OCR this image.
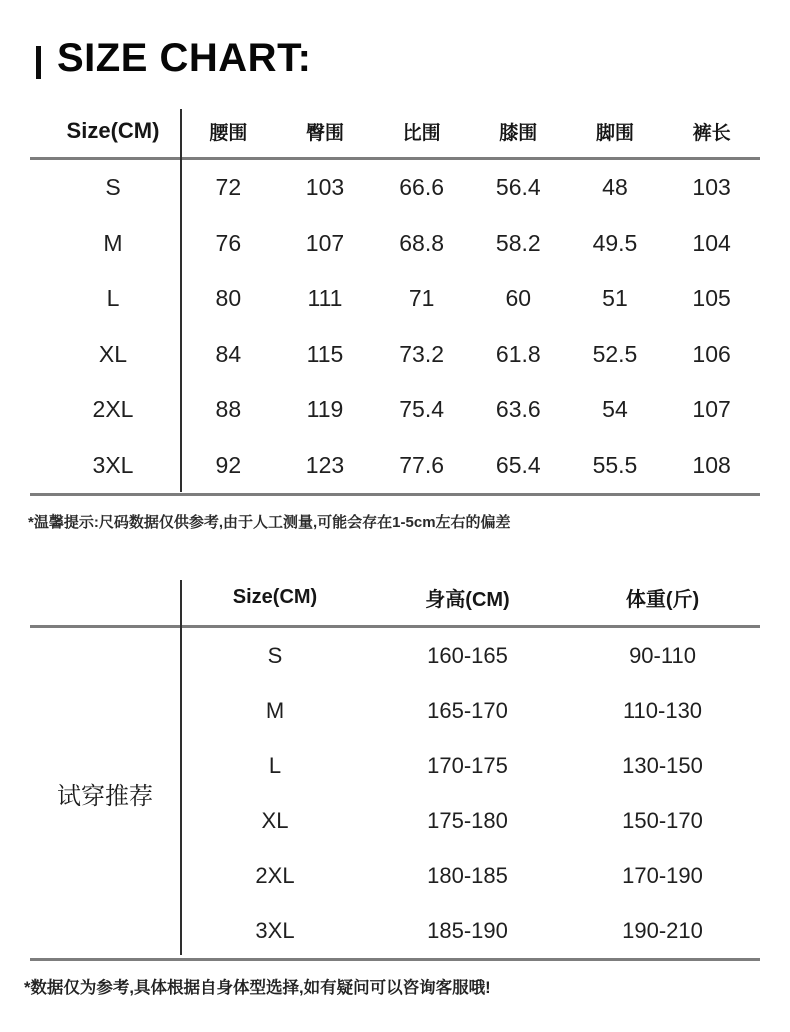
SIZE CHART:
Size(CM)	腰围	臀围	比围	膝围	脚围	裤长
S	72	103	66.6	56.4	48	103
M	76	107	68.8	58.2	49.5	104
L	80	111	71	60	51	105
XL	84	115	73.2	61.8	52.5	106
2XL	88	119	75.4	63.6	54	107
3XL	92	123	77.6	65.4	55.5	108
*温馨提示:尺码数据仅供参考,由于人工测量,可能会存在1-5cm左右的偏差
Size(CM)	身高(CM)	体重(斤)
试穿推荐
S	160-165	90-110
M	165-170	110-130
L	170-175	130-150
XL	175-180	150-170
2XL	180-185	170-190
3XL	185-190	190-210
*数据仅为参考,具体根据自身体型选择,如有疑问可以咨询客服哦!
